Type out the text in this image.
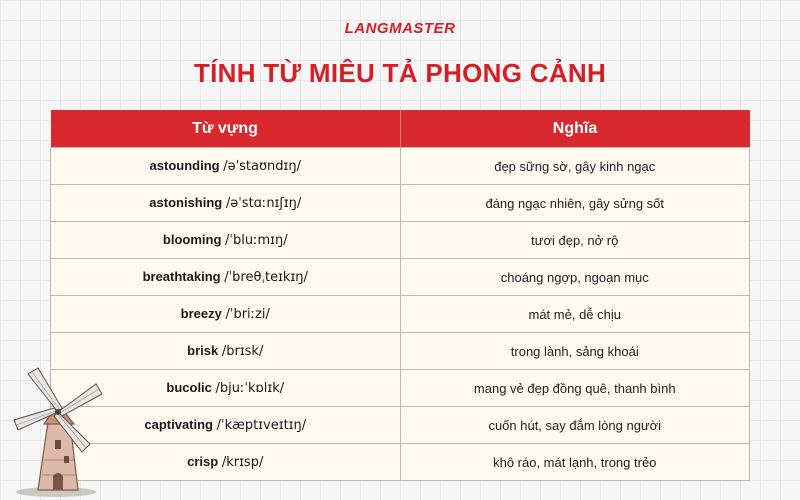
LANGMASTER
TÍNH TỪ MIÊU TẢ PHONG CẢNH
Từ vựng	Nghĩa
astounding /əˈstaʊndɪŋ/	đẹp sững sờ, gây kinh ngạc
astonishing /əˈstɑːnɪʃɪŋ/	đáng ngạc nhiên, gây sửng sốt
blooming /ˈbluːmɪŋ/	tươi đẹp, nở rộ
breathtaking /ˈbreθˌteɪkɪŋ/	choáng ngợp, ngoạn mục
breezy /ˈbriːzi/	mát mẻ, dễ chịu
brisk /brɪsk/	trong lành, sảng khoái
bucolic /bjuːˈkɒlɪk/	mang vẻ đẹp đồng quê, thanh bình
captivating /ˈkæptɪveɪtɪŋ/	cuốn hút, say đắm lòng người
crisp /krɪsp/	khô ráo, mát lạnh, trong trẻo
